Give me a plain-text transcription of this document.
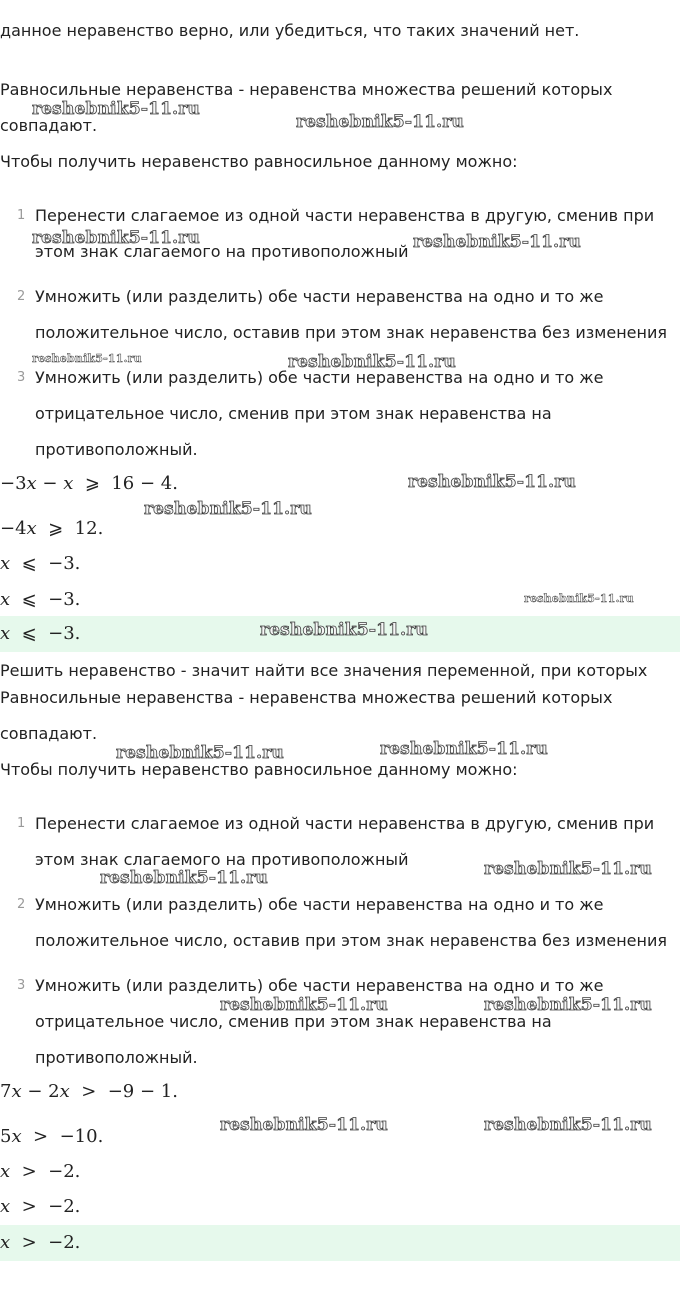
данное неравенство верно, или убедиться, что таких значений нет.
Равносильные неравенства - неравенства множества решений которых
совпадают.
Чтобы получить неравенство равносильное данному можно:
1 Перенести слагаемое из одной части неравенства в другую, сменив при
этом знак слагаемого на противоположный
2 Умножить (или разделить) обе части неравенства на одно и то же
положительное число, оставив при этом знак неравенства без изменения
3 Умножить (или разделить) обе части неравенства на одно и то же
отрицательное число, сменив при этом знак неравенства на
противоположный.
−3x − x  ⩾  16 − 4.
−4x  ⩾  12.
x  ⩽  −3.
x  ⩽  −3.
x  ⩽  −3.
Решить неравенство - значит найти все значения переменной, при которых
Равносильные неравенства - неравенства множества решений которых
совпадают.
Чтобы получить неравенство равносильное данному можно:
1 Перенести слагаемое из одной части неравенства в другую, сменив при
этом знак слагаемого на противоположный
2 Умножить (или разделить) обе части неравенства на одно и то же
положительное число, оставив при этом знак неравенства без изменения
3 Умножить (или разделить) обе части неравенства на одно и то же
отрицательное число, сменив при этом знак неравенства на
противоположный.
7x − 2x  >  −9 − 1.
5x  >  −10.
x  >  −2.
x  >  −2.
x  >  −2.
reshebnik5-11.ru
reshebnik5-11.ru
reshebnik5-11.ru	reshebnik5-11.ru
reshebnik5-11.ru	reshebnik5-11.ru
reshebnik5-11.ru
reshebnik5-11.ru
reshebnik5-11.ru
reshebnik5-11.ru
reshebnik5-11.ru	reshebnik5-11.ru
reshebnik5-11.ru
reshebnik5-11.ru
reshebnik5-11.ru	reshebnik5-11.ru
reshebnik5-11.ru	reshebnik5-11.ru
